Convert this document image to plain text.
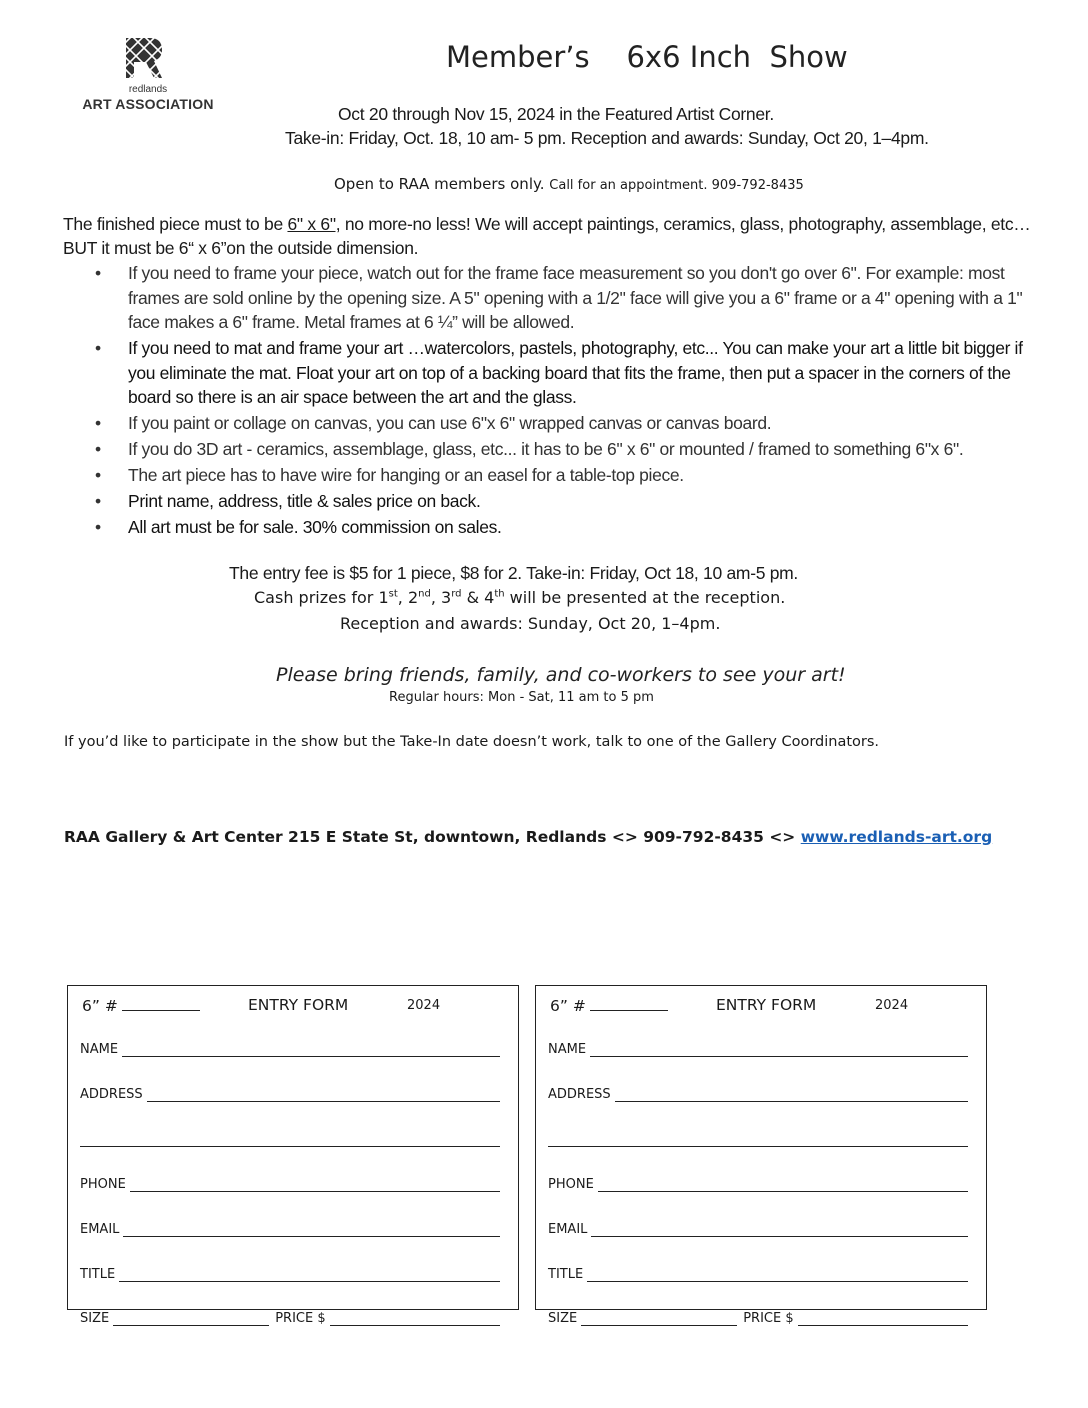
redlands
ART ASSOCIATION
Member’s    6x6 Inch  Show
Oct 20 through Nov 15, 2024 in the Featured Artist Corner.
Take-in: Friday, Oct. 18, 10 am- 5 pm. Reception and awards: Sunday, Oct 20, 1–4pm.
Open to RAA members only. Call for an appointment. 909-792-8435
The finished piece must to be 6" x 6", no more-no less! We will accept paintings, ceramics, glass, photography, assemblage, etc… BUT it must be 6“ x 6”on the outside dimension.
• If you need to frame your piece, watch out for the frame face measurement so you don't go over 6". For example: most frames are sold online by the opening size. A 5" opening with a 1/2" face will give you a 6" frame or a 4" opening with a 1" face makes a 6" frame. Metal frames at 6 ¼” will be allowed.
• If you need to mat and frame your art …watercolors, pastels, photography, etc... You can make your art a little bit bigger if you eliminate the mat. Float your art on top of a backing board that fits the frame, then put a spacer in the corners of the board so there is an air space between the art and the glass.
• If you paint or collage on canvas, you can use 6"x 6" wrapped canvas or canvas board.
• If you do 3D art - ceramics, assemblage, glass, etc... it has to be 6" x 6" or mounted / framed to something 6"x 6".
• The art piece has to have wire for hanging or an easel for a table-top piece.
• Print name, address, title & sales price on back.
• All art must be for sale. 30% commission on sales.
The entry fee is $5 for 1 piece, $8 for 2. Take-in: Friday, Oct 18, 10 am-5 pm.
Cash prizes for 1st, 2nd, 3rd & 4th will be presented at the reception.
Reception and awards: Sunday, Oct 20, 1–4pm.
Please bring friends, family, and co-workers to see your art!
Regular hours: Mon - Sat, 11 am to 5 pm
If you’d like to participate in the show but the Take-In date doesn’t work, talk to one of the Gallery Coordinators.
RAA Gallery & Art Center 215 E State St, downtown, Redlands <> 909-792-8435 <> www.redlands-art.org
6” #	ENTRY FORM	2024
NAME
ADDRESS
PHONE
EMAIL
TITLE
SIZE	PRICE $
6” #	ENTRY FORM	2024
NAME
ADDRESS
PHONE
EMAIL
TITLE
SIZE	PRICE $
